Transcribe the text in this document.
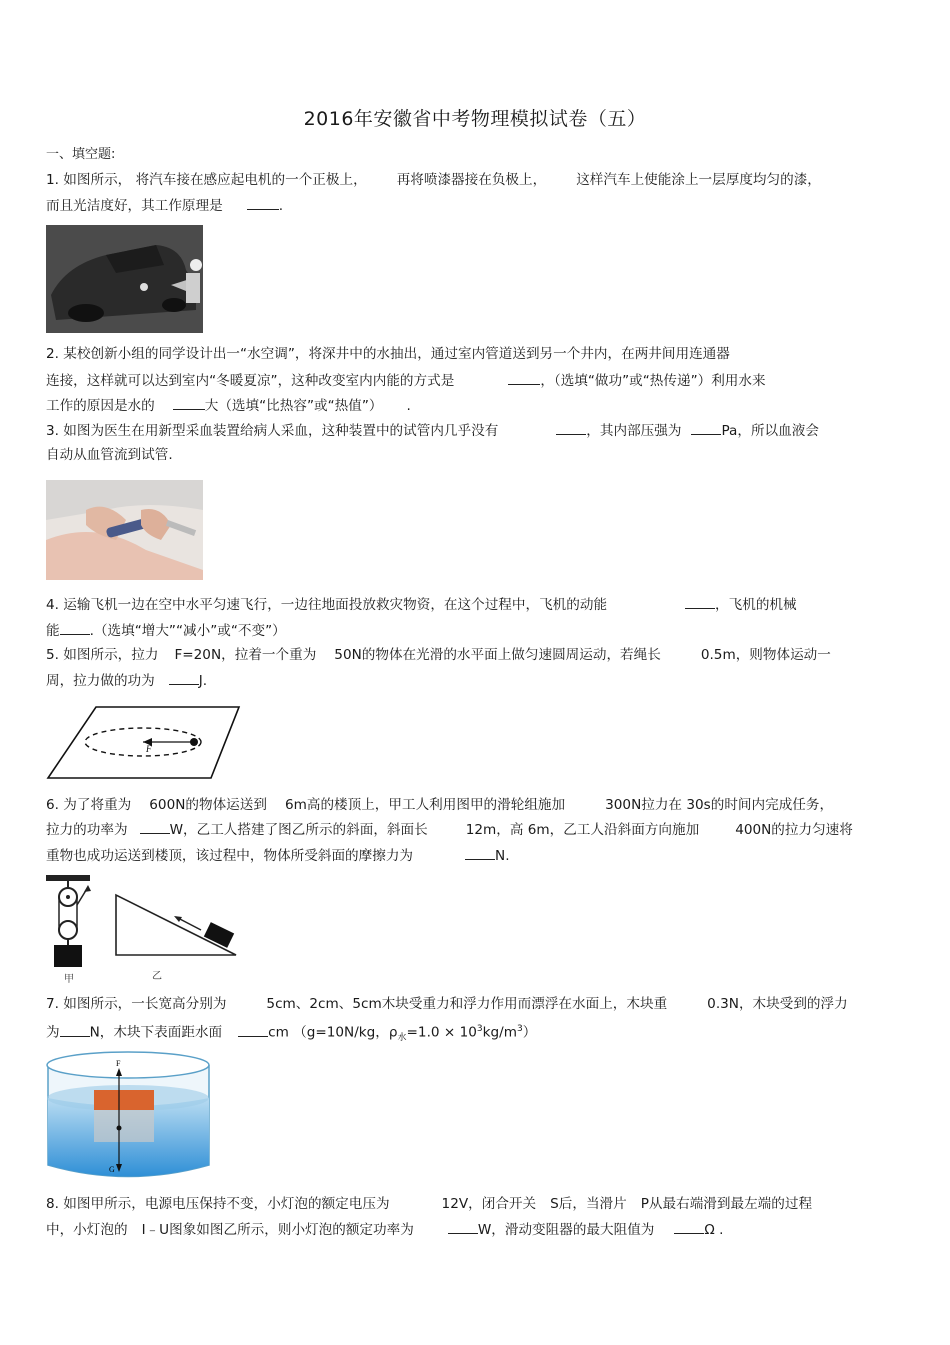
2016年安徽省中考物理模拟试卷（五）
一、填空题:
1. 如图所示， 将汽车接在感应起电机的一个正极上， 再将喷漆器接在负极上， 这样汽车上使能涂上一层厚度均匀的漆，
而且光洁度好，其工作原理是	.
2. 某校创新小组的同学设计出一“水空调”，将深井中的水抽出，通过室内管道送到另一个井内，在两井间用连通器
连接，这样就可以达到室内“冬暖夏凉”，这种改变室内内能的方式是	，（选填“做功”或“热传递”）利用水来
工作的原因是水的	大（选填“比热容”或“热值”） .
3. 如图为医生在用新型采血装置给病人采血，这种装置中的试管内几乎没有	，其内部压强为	Pa，所以血液会
自动从血管流到试管.
4. 运输飞机一边在空中水平匀速飞行，一边往地面投放救灾物资，在这个过程中，飞机的动能	，飞机的机械
能 .（选填“增大”“减小”或“不变”）
5. 如图所示，拉力 F=20N，拉着一个重为 50N的物体在光滑的水平面上做匀速圆周运动，若绳长	0.5m，则物体运动一
周，拉力做的功为	J.
F
6. 为了将重为 600N的物体运送到 6m高的楼顶上，甲工人利用图甲的滑轮组施加	300N拉力在 30s的时间内完成任务，
拉力的功率为	W，乙工人搭建了图乙所示的斜面，斜面长	12m，高 6m，乙工人沿斜面方向施加	400N的拉力匀速将
重物也成功运送到楼顶，该过程中，物体所受斜面的摩擦力为	N.
甲	乙
7. 如图所示，一长宽高分别为	5cm、2cm、5cm木块受重力和浮力作用而漂浮在水面上，木块重	0.3N，木块受到的浮力
为 N，木块下表面距水面	cm （g=10N/kg，$\rho_水=1.0 \times 10^3kg/m^3$）
F
G
8. 如图甲所示，电源电压保持不变，小灯泡的额定电压为	12V，闭合开关 S后，当滑片 P从最右端滑到最左端的过程
中，小灯泡的 I﹣U图象如图乙所示，则小灯泡的额定功率为	W，滑动变阻器的最大阻值为	Ω .
